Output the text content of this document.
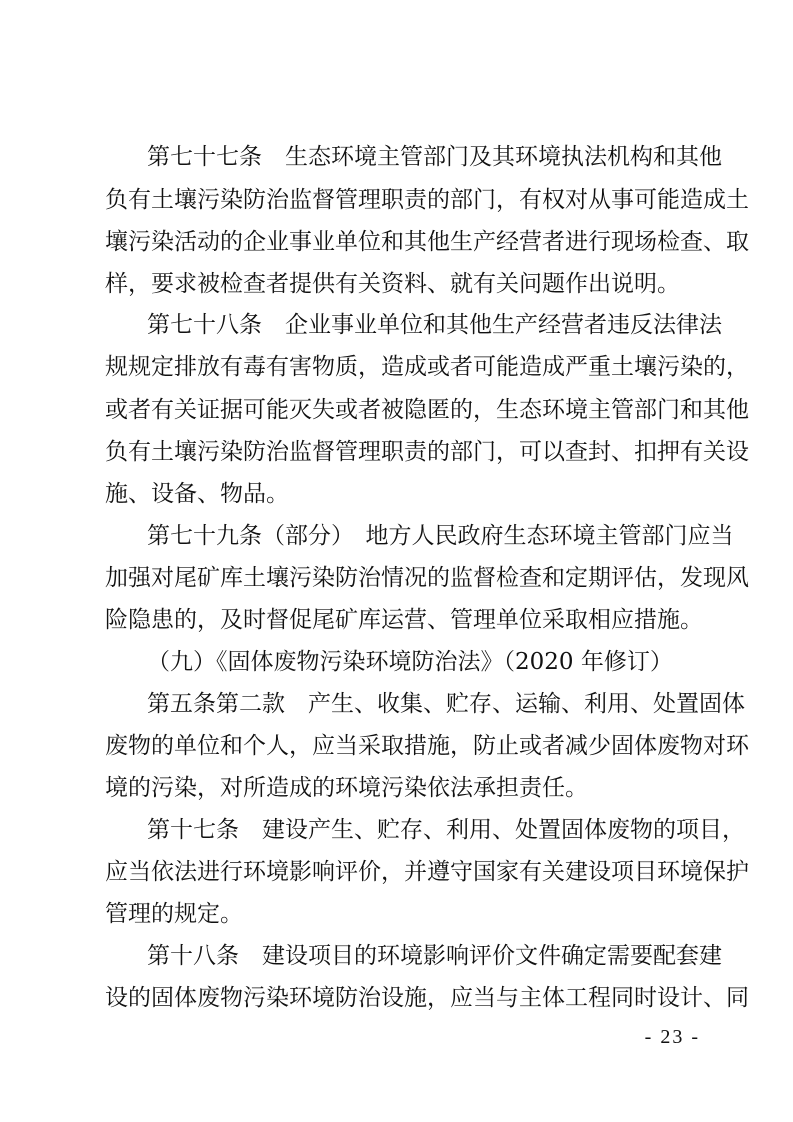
第七十七条　生态环境主管部门及其环境执法机构和其他
负有土壤污染防治监督管理职责的部门，有权对从事可能造成土
壤污染活动的企业事业单位和其他生产经营者进行现场检查、取
样，要求被检查者提供有关资料、就有关问题作出说明。
第七十八条　企业事业单位和其他生产经营者违反法律法
规规定排放有毒有害物质，造成或者可能造成严重土壤污染的，
或者有关证据可能灭失或者被隐匿的，生态环境主管部门和其他
负有土壤污染防治监督管理职责的部门，可以查封、扣押有关设
施、设备、物品。
第七十九条（部分）　地方人民政府生态环境主管部门应当
加强对尾矿库土壤污染防治情况的监督检查和定期评估，发现风
险隐患的，及时督促尾矿库运营、管理单位采取相应措施。
（九）《固体废物污染环境防治法》（2020 年修订）
第五条第二款　产生、收集、贮存、运输、利用、处置固体
废物的单位和个人，应当采取措施，防止或者减少固体废物对环
境的污染，对所造成的环境污染依法承担责任。
第十七条　建设产生、贮存、利用、处置固体废物的项目，
应当依法进行环境影响评价，并遵守国家有关建设项目环境保护
管理的规定。
第十八条　建设项目的环境影响评价文件确定需要配套建
设的固体废物污染环境防治设施，应当与主体工程同时设计、同
- 23 -
